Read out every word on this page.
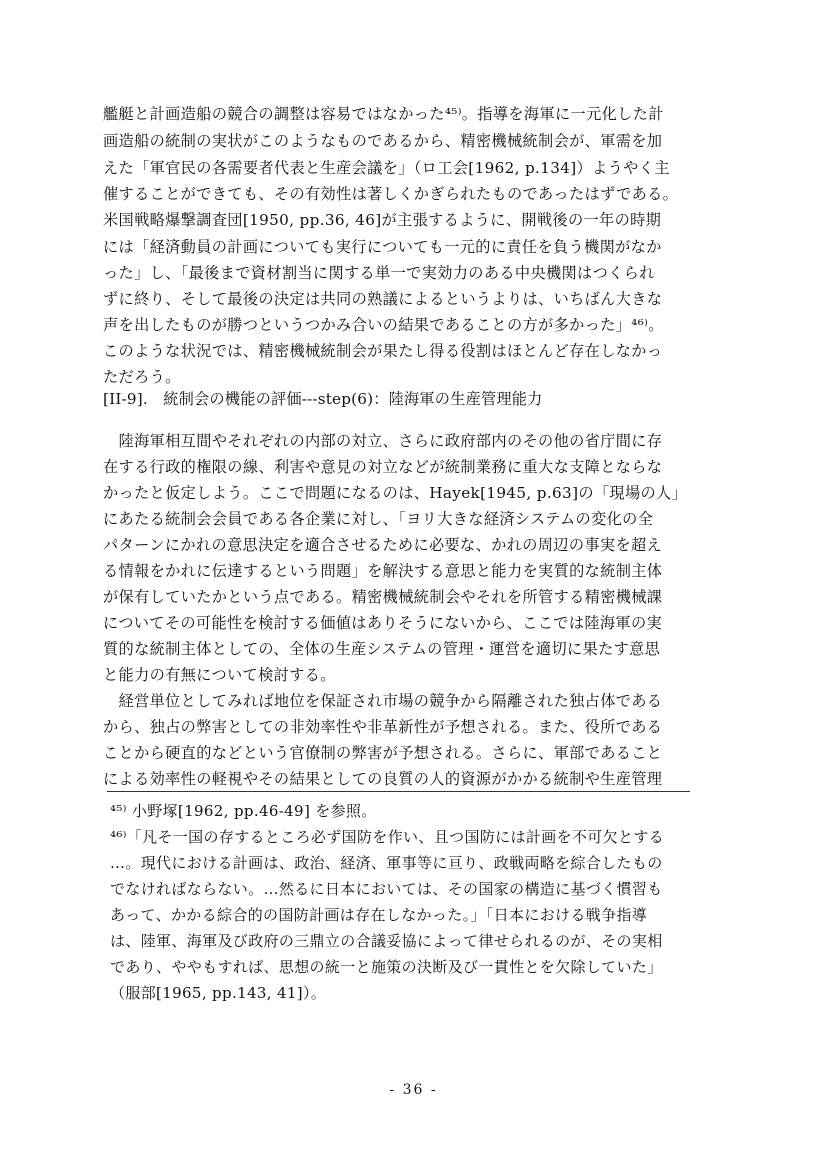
艦艇と計画造船の競合の調整は容易ではなかった⁴⁵⁾。指導を海軍に一元化した計
画造船の統制の実状がこのようなものであるから、精密機械統制会が、軍需を加
えた「軍官民の各需要者代表と生産会議を」（ロ工会[1962, p.134]）ようやく主
催することができても、その有効性は著しくかぎられたものであったはずである。
米国戦略爆撃調査団[1950, pp.36, 46]が主張するように、開戦後の一年の時期
には「経済動員の計画についても実行についても一元的に責任を負う機関がなか
った」し、「最後まで資材割当に関する単一で実効力のある中央機関はつくられ
ずに終り、そして最後の決定は共同の熟議によるというよりは、いちばん大きな
声を出したものが勝つというつかみ合いの結果であることの方が多かった」⁴⁶⁾。
このような状況では、精密機械統制会が果たし得る役割はほとんど存在しなかっ
ただろう。
[II-9].　統制会の機能の評価---step(6)：陸海軍の生産管理能力
　陸海軍相互間やそれぞれの内部の対立、さらに政府部内のその他の省庁間に存
在する行政的権限の線、利害や意見の対立などが統制業務に重大な支障とならな
かったと仮定しよう。ここで問題になるのは、Hayek[1945, p.63]の「現場の人」
にあたる統制会会員である各企業に対し、「ヨリ大きな経済システムの変化の全
パターンにかれの意思決定を適合させるために必要な、かれの周辺の事実を超え
る情報をかれに伝達するという問題」を解決する意思と能力を実質的な統制主体
が保有していたかという点である。精密機械統制会やそれを所管する精密機械課
についてその可能性を検討する価値はありそうにないから、ここでは陸海軍の実
質的な統制主体としての、全体の生産システムの管理・運営を適切に果たす意思
と能力の有無について検討する。
　経営単位としてみれば地位を保証され市場の競争から隔離された独占体である
から、独占の弊害としての非効率性や非革新性が予想される。また、役所である
ことから硬直的などという官僚制の弊害が予想される。さらに、軍部であること
による効率性の軽視やその結果としての良質の人的資源がかかる統制や生産管理
⁴⁵⁾ 小野塚[1962, pp.46-49] を参照。
⁴⁶⁾「凡そ一国の存するところ必ず国防を作い、且つ国防には計画を不可欠とする
…。現代における計画は、政治、経済、軍事等に亘り、政戦両略を綜合したもの
でなければならない。…然るに日本においては、その国家の構造に基づく慣習も
あって、かかる綜合的の国防計画は存在しなかった。」「日本における戦争指導
は、陸軍、海軍及び政府の三鼎立の合議妥協によって律せられるのが、その実相
であり、ややもすれば、思想の統一と施策の決断及び一貫性とを欠除していた」
（服部[1965, pp.143, 41]）。
- 36 -
